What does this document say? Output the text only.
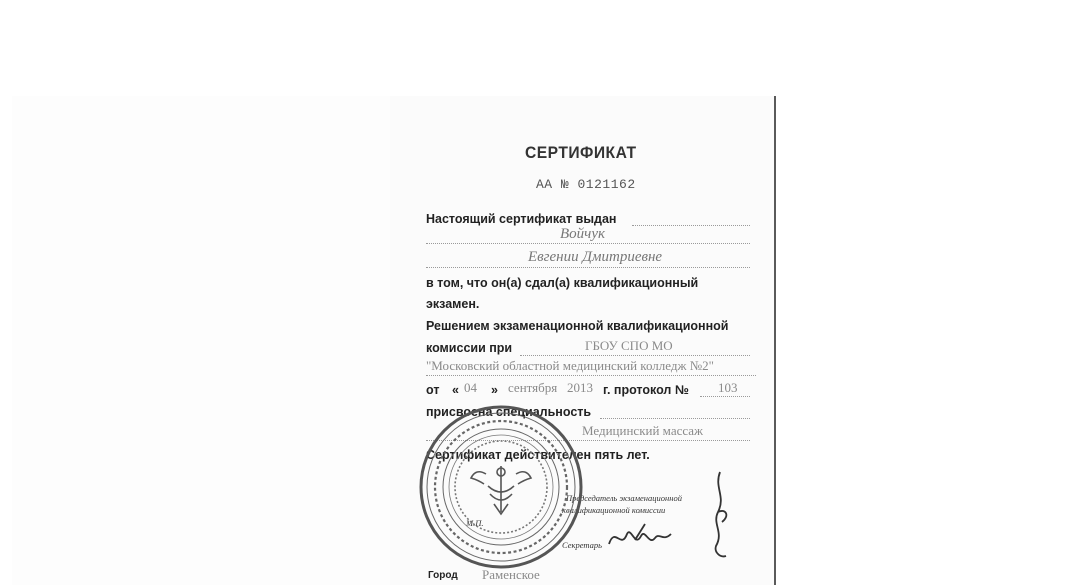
СЕРТИФИКАТ
АА № 0121162
Настоящий сертификат выдан
Войчук
Евгении Дмитриевне
в том, что он(а) сдал(а) квалификационный
экзамен.
Решением экзаменационной квалификационной
комиссии при	ГБОУ СПО МО
"Московский областной медицинский колледж №2"
от « 04 » сентября 2013 г. протокол № 103
присвоена специальность
Медицинский массаж
Сертификат действителен пять лет.
Председатель экзаменационной
квалификационной комиссии
М.П.
Секретарь
Город Раменское
